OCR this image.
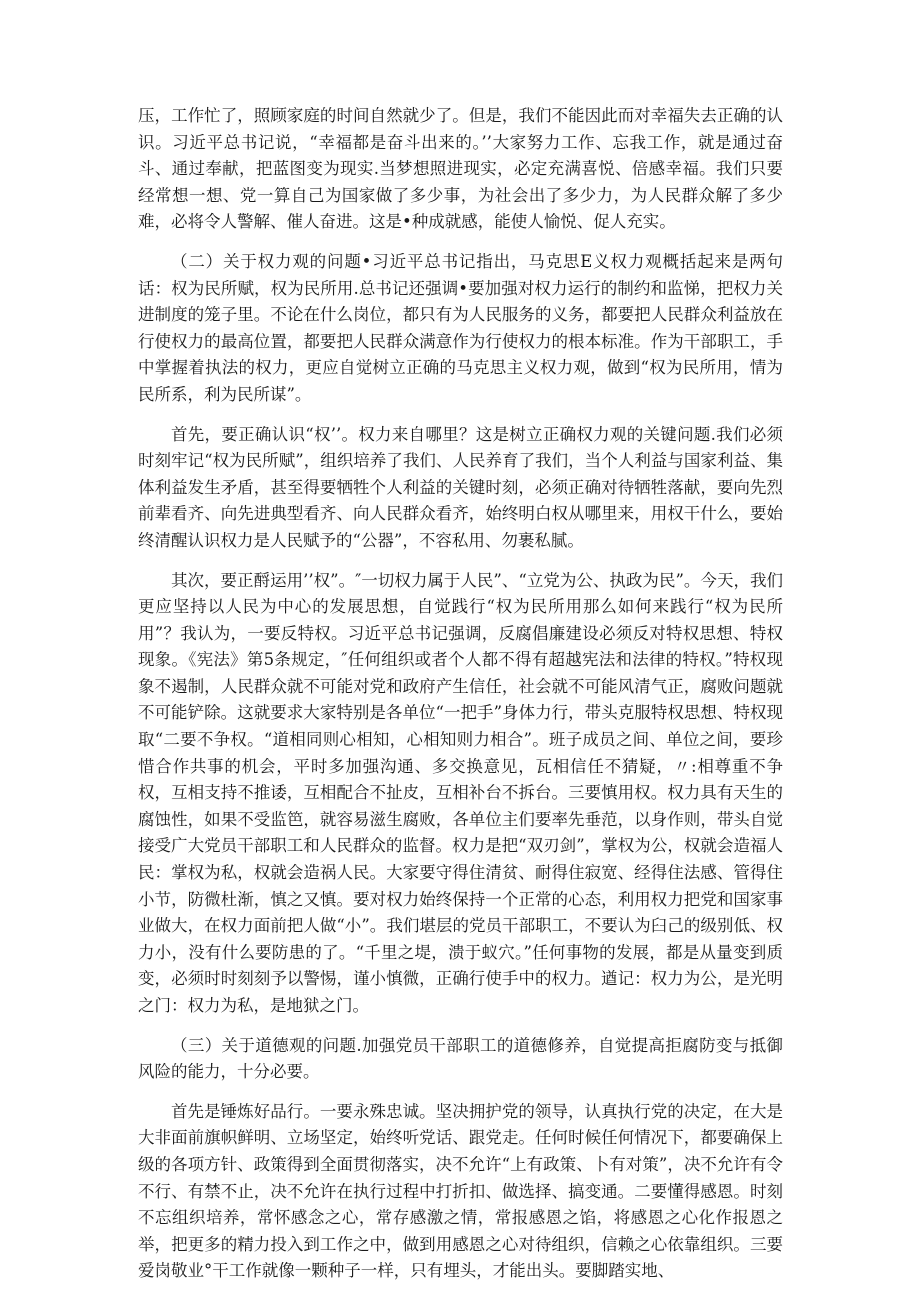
压，工作忙了，照顾家庭的时间自然就少了。但是，我们不能因此而对幸福失去正确的认识。习近平总书记说，“幸福都是奋斗出来的。’’大家努力工作、忘我工作，就是通过奋斗、通过奉献，把蓝图变为现实.当梦想照进现实，必定充满喜悦、倍感幸福。我们只要经常想一想、党一算自己为国家做了多少事，为社会出了多少力，为人民群众解了多少难，必将令人警解、催人奋进。这是•种成就感，能使人愉悦、促人充实。

（二）关于权力观的问题•习近平总书记指出，马克思E义权力观概括起来是两句话：权为民所赋，权为民所用.总书记还强调•要加强对权力运行的制约和监悌，把权力关进制度的笼子里。不论在什么岗位，都只有为人民服务的义务，都要把人民群众利益放在行使权力的最高位置，都要把人民群众满意作为行使权力的根本标准。作为干部职工，手中掌握着执法的权力，更应自觉树立正确的马克思主义权力观，做到“权为民所用，情为民所系，利为民所谋”。

首先，要正确认识“权’’。权力来自哪里？这是树立正确权力观的关键问题.我们必须时刻牢记“权为民所赋”，组织培养了我们、人民养育了我们，当个人利益与国家利益、集体利益发生矛盾，甚至得要牺牲个人利益的关键时刻，必须正确对待牺牲落献，要向先烈前辈看齐、向先进典型看齐、向人民群众看齐，始终明白权从哪里来，用权干什么，要始终清醒认识权力是人民赋予的“公器”，不容私用、勿裹私腻。

其次，要正酹运用’’权”。″一切权力属于人民”、“立党为公、执政为民”。今天，我们更应坚持以人民为中心的发展思想，自觉践行“权为民所用那么如何来践行“权为民所用”？我认为，一要反特权。习近平总书记强调，反腐倡廉建设必须反对特权思想、特权现象。《宪法》第5条规定，″任何组织或者个人都不得有超越宪法和法律的特权。”特权现象不遏制，人民群众就不可能对党和政府产生信任，社会就不可能风清气正，腐败问题就不可能铲除。这就要求大家特别是各单位“一把手”身体力行，带头克服特权思想、特权现取“二要不争权。“道相同则心相知，心相知则力相合”。班子成员之间、单位之间，要珍惜合作共事的机会，平时多加强沟通、多交换意见，瓦相信任不猜疑，〃:相尊重不争权，互相支持不推诿，互相配合不扯皮，互相补台不拆台。三要慎用权。权力具有天生的腐蚀性，如果不受监笆，就容易滋生腐败，各单位主们要率先垂范，以身作则，带头自觉接受广大党员干部职工和人民群众的监督。权力是把“双刃剑”，掌权为公，权就会造福人民：掌权为私，权就会造祸人民。大家要守得住清贫、耐得住寂宽、经得住法感、管得住小节，防微杜渐，慎之又慎。要对权力始终保持一个正常的心态，利用权力把党和国家事业做大，在权力面前把人做“小”。我们堪层的党员干部职工，不要认为臼己的级别低、权力小，没有什么要防患的了。“千里之堤，溃于蚁穴。”任何事物的发展，都是从量变到质变，必须时时刻刻予以警惕，谨小慎微，正确行使手中的权力。遒记：权力为公，是光明之门：权力为私，是地狱之门。

（三）关于道德观的问题.加强党员干部职工的道德修养，自觉提高拒腐防变与抵御风险的能力，十分必要。

首先是锤炼好品行。一要永殊忠诚。坚决拥护党的领导，认真执行党的决定，在大是大非面前旗帜鲜明、立场坚定，始终听党话、跟党走。任何时候任何情况下，都要确保上级的各项方针、政策得到全面贯彻落实，决不允许“上有政策、卜有对策”，决不允许有令不行、有禁不止，决不允许在执行过程中打折扣、做选择、搞变通。二要懂得感恩。时刻不忘组织培养，常怀感念之心，常存感激之情，常报感恩之馅，将感恩之心化作报恩之举，把更多的精力投入到工作之中，做到用感恩之心对待组织，信赖之心依靠组织。三要爱岗敬业°干工作就像一颗种子一样，只有埋头，才能出头。要脚踏实地、
